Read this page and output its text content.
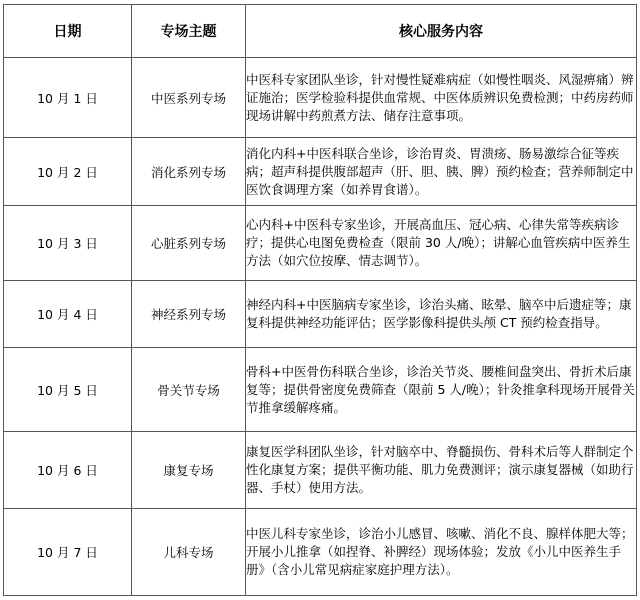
日期	专场主题	核心服务内容
10 月 1 日	中医系列专场	中医科专家团队坐诊，针对慢性疑难病症（如慢性咽炎、风湿痹痛）辨证施治；医学检验科提供血常规、中医体质辨识免费检测；中药房药师现场讲解中药煎煮方法、储存注意事项。
10 月 2 日	消化系列专场	消化内科+中医科联合坐诊，诊治胃炎、胃溃疡、肠易激综合征等疾病；超声科提供腹部超声（肝、胆、胰、脾）预约检查；营养师制定中医饮食调理方案（如养胃食谱）。
10 月 3 日	心脏系列专场	心内科+中医科专家坐诊，开展高血压、冠心病、心律失常等疾病诊疗；提供心电图免费检查（限前 30 人/晚）；讲解心血管疾病中医养生方法（如穴位按摩、情志调节）。
10 月 4 日	神经系列专场	神经内科+中医脑病专家坐诊，诊治头痛、眩晕、脑卒中后遗症等；康复科提供神经功能评估；医学影像科提供头颅 CT 预约检查指导。
10 月 5 日	骨关节专场	骨科+中医骨伤科联合坐诊，诊治关节炎、腰椎间盘突出、骨折术后康复等；提供骨密度免费筛查（限前 5 人/晚）；针灸推拿科现场开展骨关节推拿缓解疼痛。
10 月 6 日	康复专场	康复医学科团队坐诊，针对脑卒中、脊髓损伤、骨科术后等人群制定个性化康复方案；提供平衡功能、肌力免费测评；演示康复器械（如助行器、手杖）使用方法。
10 月 7 日	儿科专场	中医儿科专家坐诊，诊治小儿感冒、咳嗽、消化不良、腺样体肥大等；开展小儿推拿（如捏脊、补脾经）现场体验；发放《小儿中医养生手册》（含小儿常见病症家庭护理方法）。
